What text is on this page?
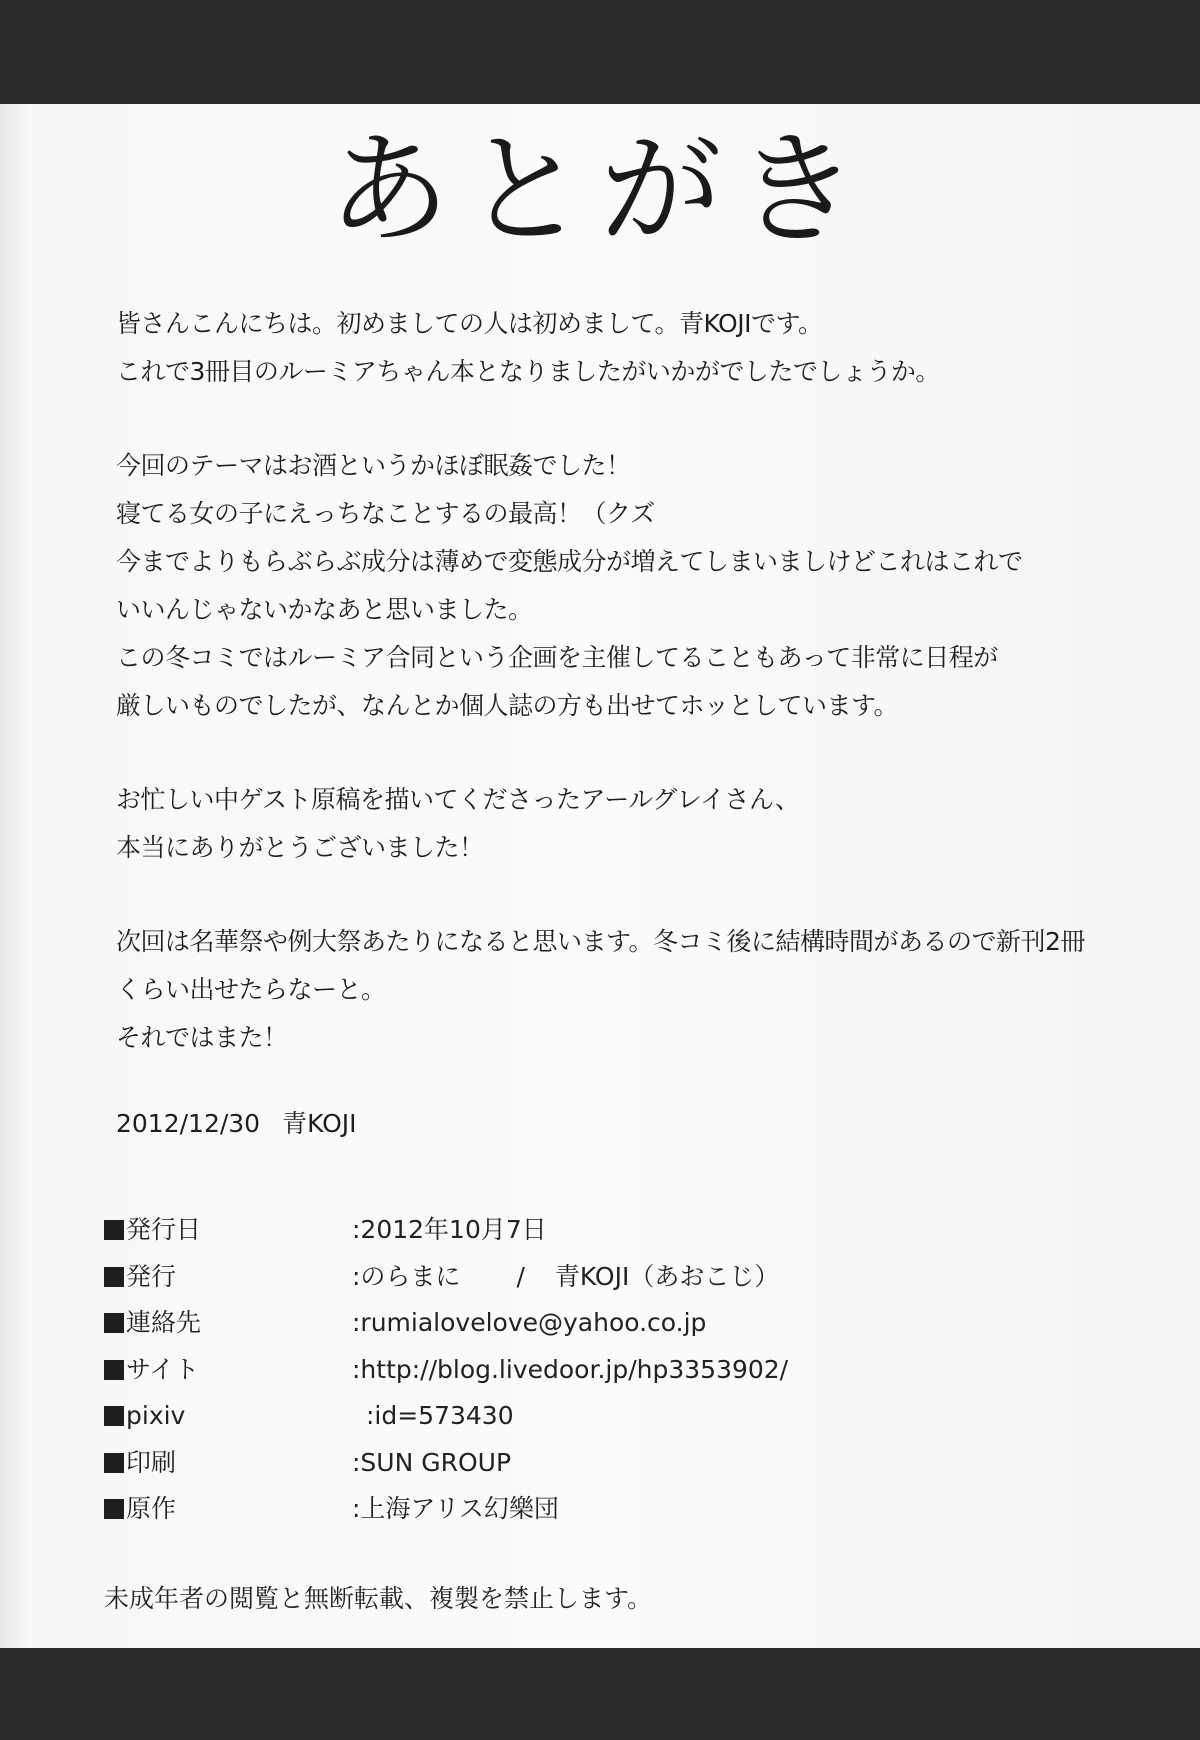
あとがき
皆さんこんにちは。初めましての人は初めまして。青KOJIです。
これで3冊目のルーミアちゃん本となりましたがいかがでしたでしょうか。
今回のテーマはお酒というかほぼ眠姦でした！
寝てる女の子にえっちなことするの最高！（クズ
今までよりもらぶらぶ成分は薄めで変態成分が増えてしまいましけどこれはこれで
いいんじゃないかなあと思いました。
この冬コミではルーミア合同という企画を主催してることもあって非常に日程が
厳しいものでしたが、なんとか個人誌の方も出せてホッとしています。
お忙しい中ゲスト原稿を描いてくださったアールグレイさん、
本当にありがとうございました！
次回は名華祭や例大祭あたりになると思います。冬コミ後に結構時間があるので新刊2冊
くらい出せたらなーと。
それではまた！
2012/12/30 青KOJI
発行日	:2012年10月7日
発行	:のらまに / 青KOJI（あおこじ）
連絡先	:rumialovelove@yahoo.co.jp
サイト	:http://blog.livedoor.jp/hp3353902/
pixiv	:id=573430
印刷	:SUN GROUP
原作	:上海アリス幻樂団
未成年者の閲覧と無断転載、複製を禁止します。
